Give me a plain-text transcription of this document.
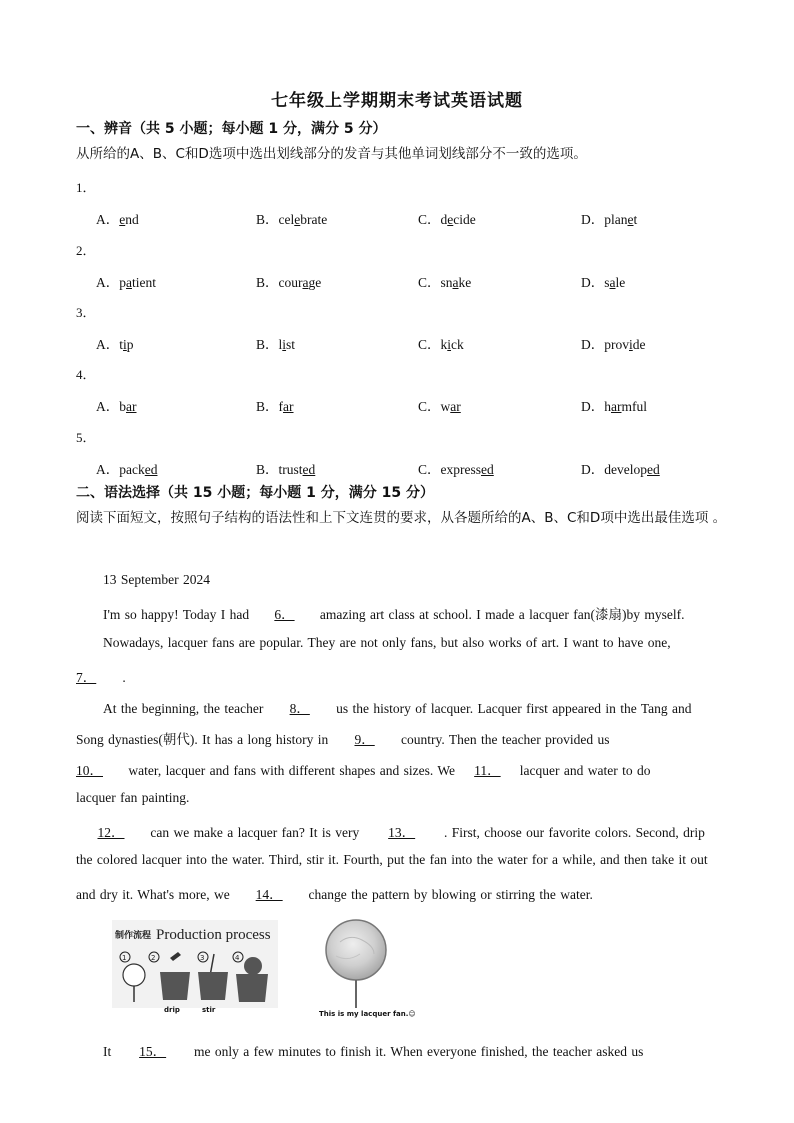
七年级上学期期末考试英语试题
一、辨音（共 5 小题；每小题 1 分，满分 5 分）
从所给的A、B、C和D选项中选出划线部分的发音与其他单词划线部分不一致的选项。
1．
A．end	B．celebrate	C．decide	D．planet
2．
A．patient	B．courage	C．snake	D．sale
3．
A．tip	B．list	C．kick	D．provide
4．
A．bar	B．far	C．war	D．harmful
5．
A．packed	B．trusted	C．expressed	D．developed
二、语法选择（共 15 小题；每小题 1 分，满分 15 分）
阅读下面短文，按照句子结构的语法性和上下文连贯的要求，从各题所给的A、B、C和D项中选出最佳选项 。
13 September 2024
I'm so happy! Today I had 6． amazing art class at school. I made a lacquer fan(漆扇)by myself.
Nowadays, lacquer fans are popular. They are not only fans, but also works of art. I want to have one,
7． .
At the beginning, the teacher 8． us the history of lacquer. Lacquer first appeared in the Tang and
Song dynasties(朝代). It has a long history in 9． country. Then the teacher provided us
10． water, lacquer and fans with different shapes and sizes. We 11． lacquer and water to do
lacquer fan painting.
12． can we make a lacquer fan? It is very 13． . First, choose our favorite colors. Second, drip
the colored lacquer into the water. Third, stir it. Fourth, put the fan into the water for a while, and then take it out
and dry it. What's more, we 14． change the pattern by blowing or stirring the water.
制作流程 Production process
1	2	3	4
drip	stir	This is my lacquer fan.☺
It 15． me only a few minutes to finish it. When everyone finished, the teacher asked us
